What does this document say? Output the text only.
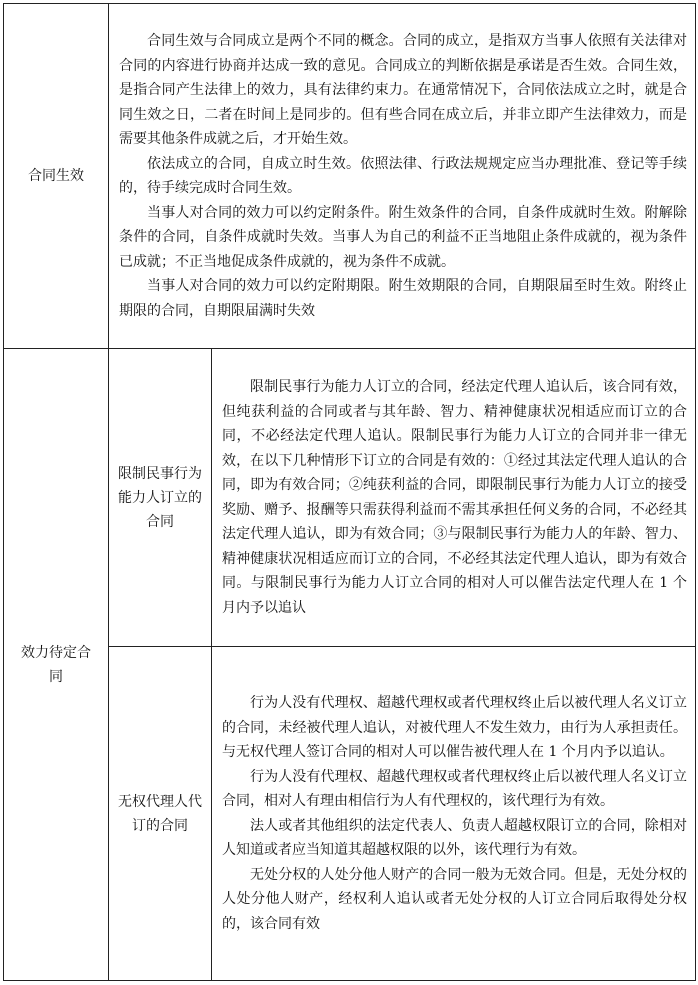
合同生效	合同生效与合同成立是两个不同的概念。合同的成立，是指双方当事人依照有关法律对合同的内容进行协商并达成一致的意见。合同成立的判断依据是承诺是否生效。合同生效，是指合同产生法律上的效力，具有法律约束力。在通常情况下，合同依法成立之时，就是合同生效之日，二者在时间上是同步的。但有些合同在成立后，并非立即产生法律效力，而是需要其他条件成就之后，才开始生效。

依法成立的合同，自成立时生效。依照法律、行政法规规定应当办理批准、登记等手续的，待手续完成时合同生效。

当事人对合同的效力可以约定附条件。附生效条件的合同，自条件成就时生效。附解除条件的合同，自条件成就时失效。当事人为自己的利益不正当地阻止条件成就的，视为条件已成就；不正当地促成条件成就的，视为条件不成就。

当事人对合同的效力可以约定附期限。附生效期限的合同，自期限届至时生效。附终止期限的合同，自期限届满时失效	

效力待定合同	限制民事行为能力人订立的合同	限制民事行为能力人订立的合同，经法定代理人追认后，该合同有效，但纯获利益的合同或者与其年龄、智力、精神健康状况相适应而订立的合同，不必经法定代理人追认。限制民事行为能力人订立的合同并非一律无效，在以下几种情形下订立的合同是有效的：①经过其法定代理人追认的合同，即为有效合同；②纯获利益的合同，即限制民事行为能力人订立的接受奖励、赠予、报酬等只需获得利益而不需其承担任何义务的合同，不必经其法定代理人追认，即为有效合同；③与限制民事行为能力人的年龄、智力、精神健康状况相适应而订立的合同，不必经其法定代理人追认，即为有效合同。与限制民事行为能力人订立合同的相对人可以催告法定代理人在 1 个月内予以追认

	无权代理人代订的合同	行为人没有代理权、超越代理权或者代理权终止后以被代理人名义订立的合同，未经被代理人追认，对被代理人不发生效力，由行为人承担责任。与无权代理人签订合同的相对人可以催告被代理人在 1 个月内予以追认。

行为人没有代理权、超越代理权或者代理权终止后以被代理人名义订立合同，相对人有理由相信行为人有代理权的，该代理行为有效。

法人或者其他组织的法定代表人、负责人超越权限订立的合同，除相对人知道或者应当知道其超越权限的以外，该代理行为有效。

无处分权的人处分他人财产的合同一般为无效合同。但是，无处分权的人处分他人财产，经权利人追认或者无处分权的人订立合同后取得处分权的，该合同有效
